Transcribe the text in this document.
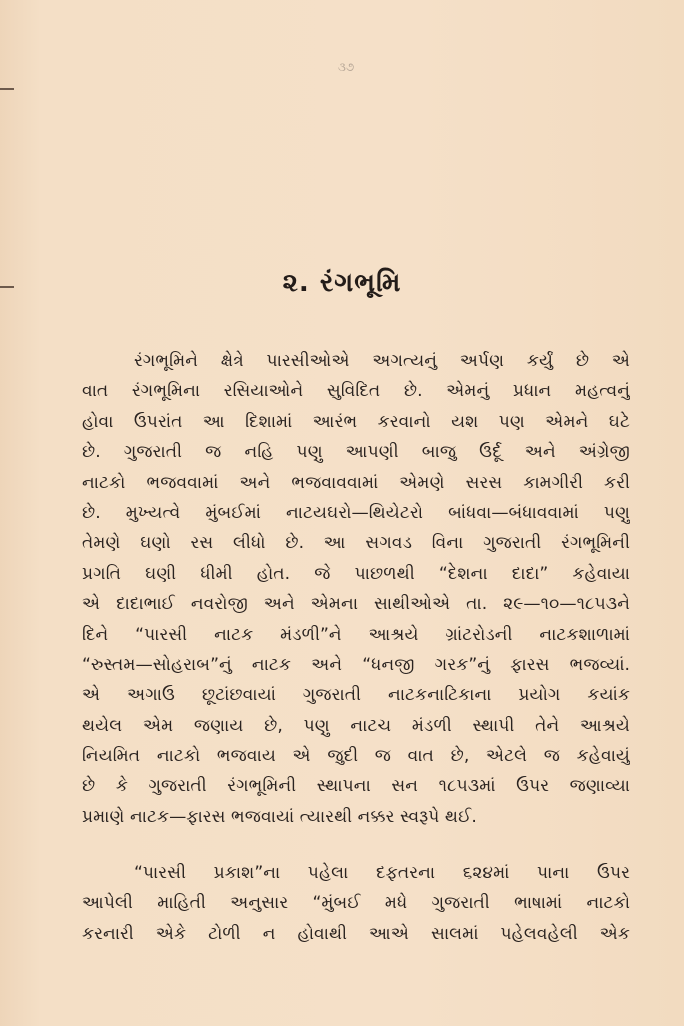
૩૭
૨. રંગભૂમિ
રંગભૂમિને ક્ષેત્રે પારસીઓએ અગત્યનું અર્પણ કર્યું છે એ
વાત રંગભૂમિના રસિયાઓને સુવિદિત છે. એમનું પ્રધાન મહત્વનું
હોવા ઉપરાંત આ દિશામાં આરંભ કરવાનો યશ પણ એમને ઘટે
છે. ગુજરાતી જ નહિ પણુ આપણી બાજુ ઉર્દૂ અને અંગ્રેજી
નાટકો ભજવવામાં અને ભજવાવવામાં એમણે સરસ કામગીરી કરી
છે. મુખ્યત્વે મુંબઈમાં નાટયઘરો—થિયેટરો બાંધવા—બંધાવવામાં પણુ
તેમણે ઘણો રસ લીધો છે. આ સગવડ વિના ગુજરાતી રંગભૂમિની
પ્રગતિ ઘણી ધીમી હોત. જે પાછળથી “દેશના દાદા” કહેવાયા
એ દાદાભાઈ નવરોજી અને એમના સાથીઓએ તા. ૨૯—૧૦—૧૮૫૩ને
દિને “પારસી નાટક મંડળી”ને આશ્રયે ગ્રાંટરોડની નાટકશાળામાં
“રુસ્તમ—સોહરાબ”નું નાટક અને “ધનજી ગરક”નું ફારસ ભજવ્યાં.
એ અગાઉ છૂટાંછવાયાં ગુજરાતી નાટકનાટિકાના પ્રયોગ કયાંક
થયેલ એમ જણાય છે, પણુ નાટચ મંડળી સ્થાપી તેને આશ્રયે
નિયમિત નાટકો ભજવાય એ જુદી જ વાત છે, એટલે જ કહેવાયું
છે કે ગુજરાતી રંગભૂમિની સ્થાપના સન ૧૮૫૩માં ઉપર જણાવ્યા
પ્રમાણે નાટક—ફારસ ભજવાયાં ત્યારથી નક્કર સ્વરૂપે થઈ.
“પારસી પ્રકાશ”ના પહેલા દફતરના ૬૨૪માં પાના ઉપર
આપેલી માહિતી અનુસાર “મુંબઈ મધે ગુજરાતી ભાષામાં નાટકો
કરનારી એકે ટોળી ન હોવાથી આએ સાલમાં પહેલવહેલી એક
